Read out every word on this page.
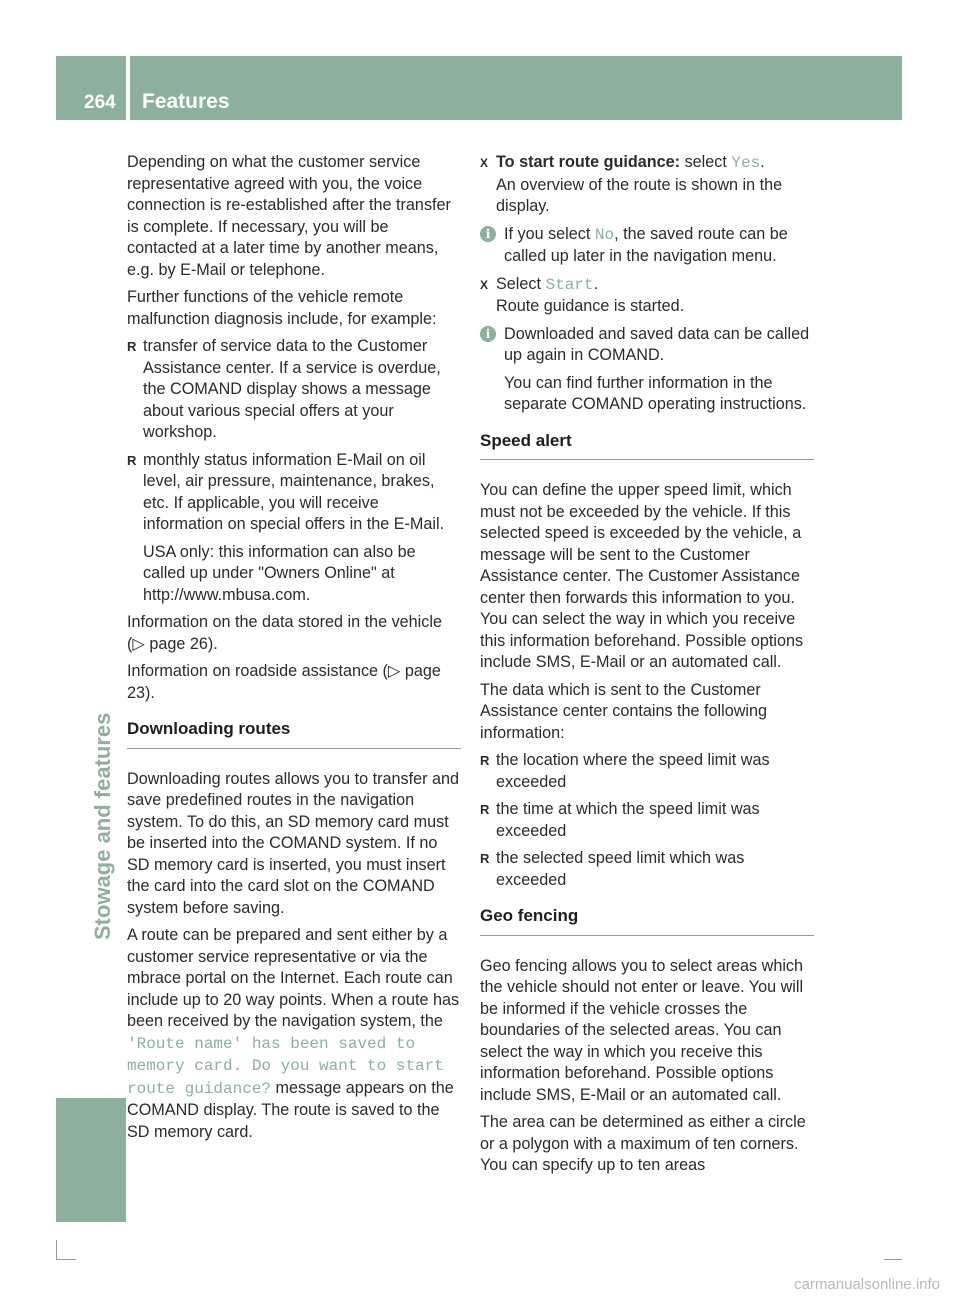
264 Features
Stowage and features

Depending on what the customer service representative agreed with you, the voice connection is re-established after the transfer is complete. If necessary, you will be contacted at a later time by another means, e.g. by E-Mail or telephone.

Further functions of the vehicle remote malfunction diagnosis include, for example:

R transfer of service data to the Customer Assistance center. If a service is overdue, the COMAND display shows a message about various special offers at your workshop.
R monthly status information E-Mail on oil level, air pressure, maintenance, brakes, etc. If applicable, you will receive information on special offers in the E-Mail.

USA only: this information can also be called up under "Owners Online" at http://www.mbusa.com.

Information on the data stored in the vehicle (▷ page 26).

Information on roadside assistance (▷ page 23).

Downloading routes

Downloading routes allows you to transfer and save predefined routes in the navigation system. To do this, an SD memory card must be inserted into the COMAND system. If no SD memory card is inserted, you must insert the card into the card slot on the COMAND system before saving.

A route can be prepared and sent either by a customer service representative or via the mbrace portal on the Internet. Each route can include up to 20 way points. When a route has been received by the navigation system, the 'Route name' has been saved to memory card. Do you want to start route guidance? message appears on the COMAND display. The route is saved to the SD memory card.

X To start route guidance: select Yes.
An overview of the route is shown in the display.
i If you select No, the saved route can be called up later in the navigation menu.
X Select Start.
Route guidance is started.
i Downloaded and saved data can be called up again in COMAND.

You can find further information in the separate COMAND operating instructions.
Speed alert

You can define the upper speed limit, which must not be exceeded by the vehicle. If this selected speed is exceeded by the vehicle, a message will be sent to the Customer Assistance center. The Customer Assistance center then forwards this information to you. You can select the way in which you receive this information beforehand. Possible options include SMS, E-Mail or an automated call.

The data which is sent to the Customer Assistance center contains the following information:

R the location where the speed limit was exceeded
R the time at which the speed limit was exceeded
R the selected speed limit which was exceeded
Geo fencing

Geo fencing allows you to select areas which the vehicle should not enter or leave. You will be informed if the vehicle crosses the boundaries of the selected areas. You can select the way in which you receive this information beforehand. Possible options include SMS, E-Mail or an automated call.

The area can be determined as either a circle or a polygon with a maximum of ten corners. You can specify up to ten areas

carmanualsonline.info
